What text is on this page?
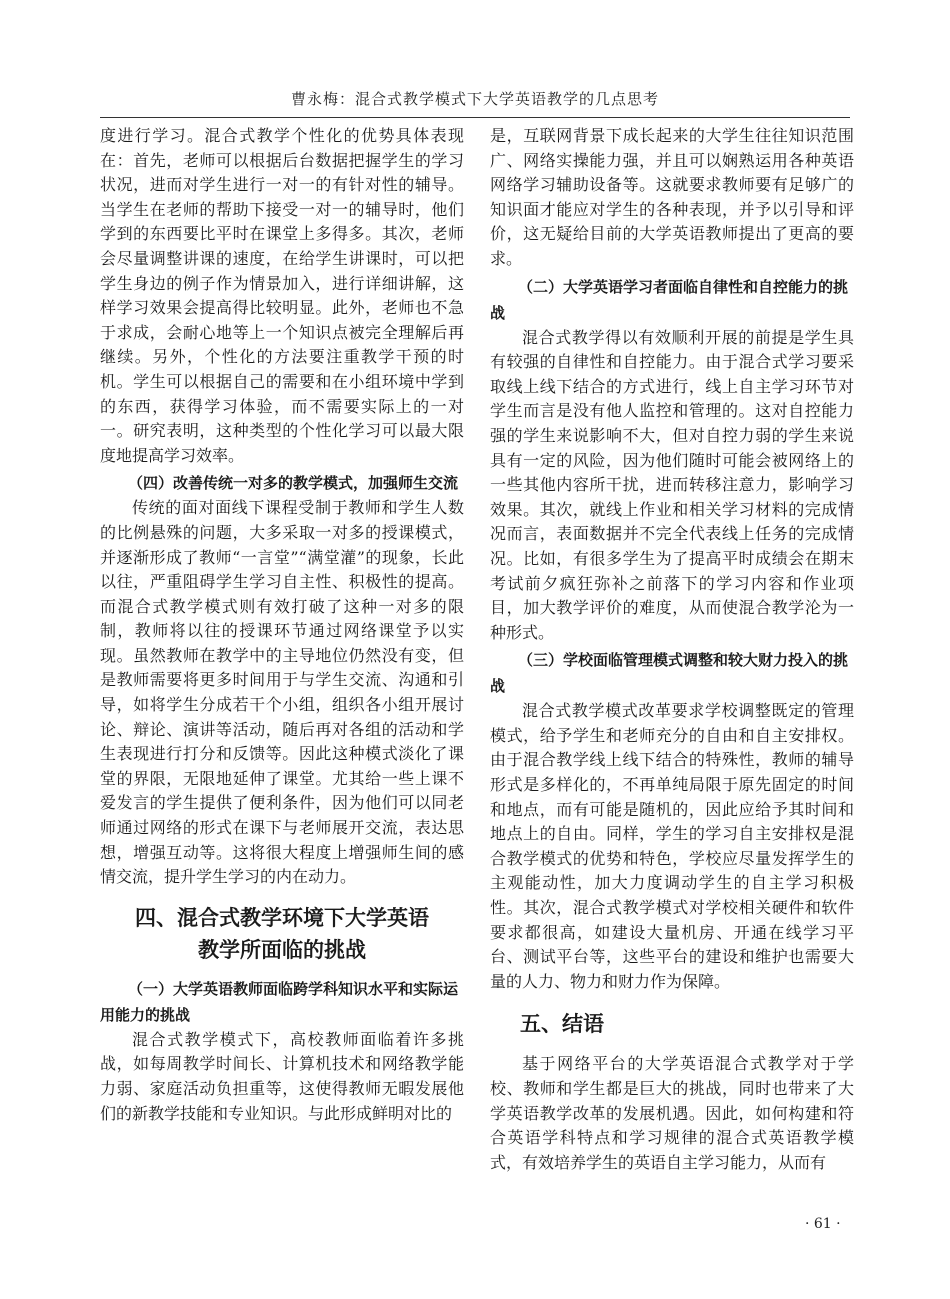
曹永梅：混合式教学模式下大学英语教学的几点思考

度进行学习。混合式教学个性化的优势具体表现在：首先，老师可以根据后台数据把握学生的学习状况，进而对学生进行一对一的有针对性的辅导。当学生在老师的帮助下接受一对一的辅导时，他们学到的东西要比平时在课堂上多得多。其次，老师会尽量调整讲课的速度，在给学生讲课时，可以把学生身边的例子作为情景加入，进行详细讲解，这样学习效果会提高得比较明显。此外，老师也不急于求成，会耐心地等上一个知识点被完全理解后再继续。另外，个性化的方法要注重教学干预的时机。学生可以根据自己的需要和在小组环境中学到的东西，获得学习体验，而不需要实际上的一对一。研究表明，这种类型的个性化学习可以最大限度地提高学习效率。

（四）改善传统一对多的教学模式，加强师生交流

传统的面对面线下课程受制于教师和学生人数的比例悬殊的问题，大多采取一对多的授课模式，并逐渐形成了教师“一言堂”“满堂灌”的现象，长此以往，严重阻碍学生学习自主性、积极性的提高。而混合式教学模式则有效打破了这种一对多的限制，教师将以往的授课环节通过网络课堂予以实现。虽然教师在教学中的主导地位仍然没有变，但是教师需要将更多时间用于与学生交流、沟通和引导，如将学生分成若干个小组，组织各小组开展讨论、辩论、演讲等活动，随后再对各组的活动和学生表现进行打分和反馈等。因此这种模式淡化了课堂的界限，无限地延伸了课堂。尤其给一些上课不爱发言的学生提供了便利条件，因为他们可以同老师通过网络的形式在课下与老师展开交流，表达思想，增强互动等。这将很大程度上增强师生间的感情交流，提升学生学习的内在动力。

四、混合式教学环境下大学英语
教学所面临的挑战

（一）大学英语教师面临跨学科知识水平和实际运用能力的挑战

混合式教学模式下，高校教师面临着许多挑战，如每周教学时间长、计算机技术和网络教学能力弱、家庭活动负担重等，这使得教师无暇发展他们的新教学技能和专业知识。与此形成鲜明对比的

是，互联网背景下成长起来的大学生往往知识范围广、网络实操能力强，并且可以娴熟运用各种英语网络学习辅助设备等。这就要求教师要有足够广的知识面才能应对学生的各种表现，并予以引导和评价，这无疑给目前的大学英语教师提出了更高的要求。

（二）大学英语学习者面临自律性和自控能力的挑战

混合式教学得以有效顺利开展的前提是学生具有较强的自律性和自控能力。由于混合式学习要采取线上线下结合的方式进行，线上自主学习环节对学生而言是没有他人监控和管理的。这对自控能力强的学生来说影响不大，但对自控力弱的学生来说具有一定的风险，因为他们随时可能会被网络上的一些其他内容所干扰，进而转移注意力，影响学习效果。其次，就线上作业和相关学习材料的完成情况而言，表面数据并不完全代表线上任务的完成情况。比如，有很多学生为了提高平时成绩会在期末考试前夕疯狂弥补之前落下的学习内容和作业项目，加大教学评价的难度，从而使混合教学沦为一种形式。

（三）学校面临管理模式调整和较大财力投入的挑战

混合式教学模式改革要求学校调整既定的管理模式，给予学生和老师充分的自由和自主安排权。由于混合教学线上线下结合的特殊性，教师的辅导形式是多样化的，不再单纯局限于原先固定的时间和地点，而有可能是随机的，因此应给予其时间和地点上的自由。同样，学生的学习自主安排权是混合教学模式的优势和特色，学校应尽量发挥学生的主观能动性，加大力度调动学生的自主学习积极性。其次，混合式教学模式对学校相关硬件和软件要求都很高，如建设大量机房、开通在线学习平台、测试平台等，这些平台的建设和维护也需要大量的人力、物力和财力作为保障。

五、结语

基于网络平台的大学英语混合式教学对于学校、教师和学生都是巨大的挑战，同时也带来了大学英语教学改革的发展机遇。因此，如何构建和符合英语学科特点和学习规律的混合式英语教学模式，有效培养学生的英语自主学习能力，从而有

· 61 ·
